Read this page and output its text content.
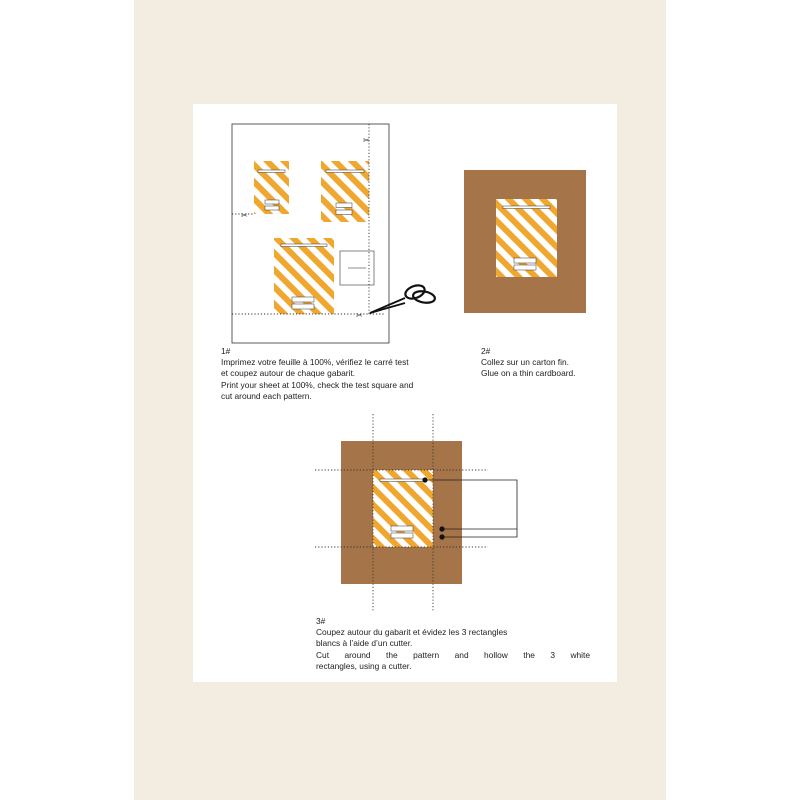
✂
✂
✂
1#
Imprimez votre feuille à 100%, vérifiez le carré test
et coupez autour de chaque gabarit.
Print your sheet at 100%, check the test square and
cut around each pattern.
2#
Collez sur un carton fin.
Glue on a thin cardboard.
3#
Coupez autour du gabarit et évidez les 3 rectangles
blancs à l’aide d’un cutter.
Cut around the pattern and hollow the 3 white
rectangles, using a cutter.
